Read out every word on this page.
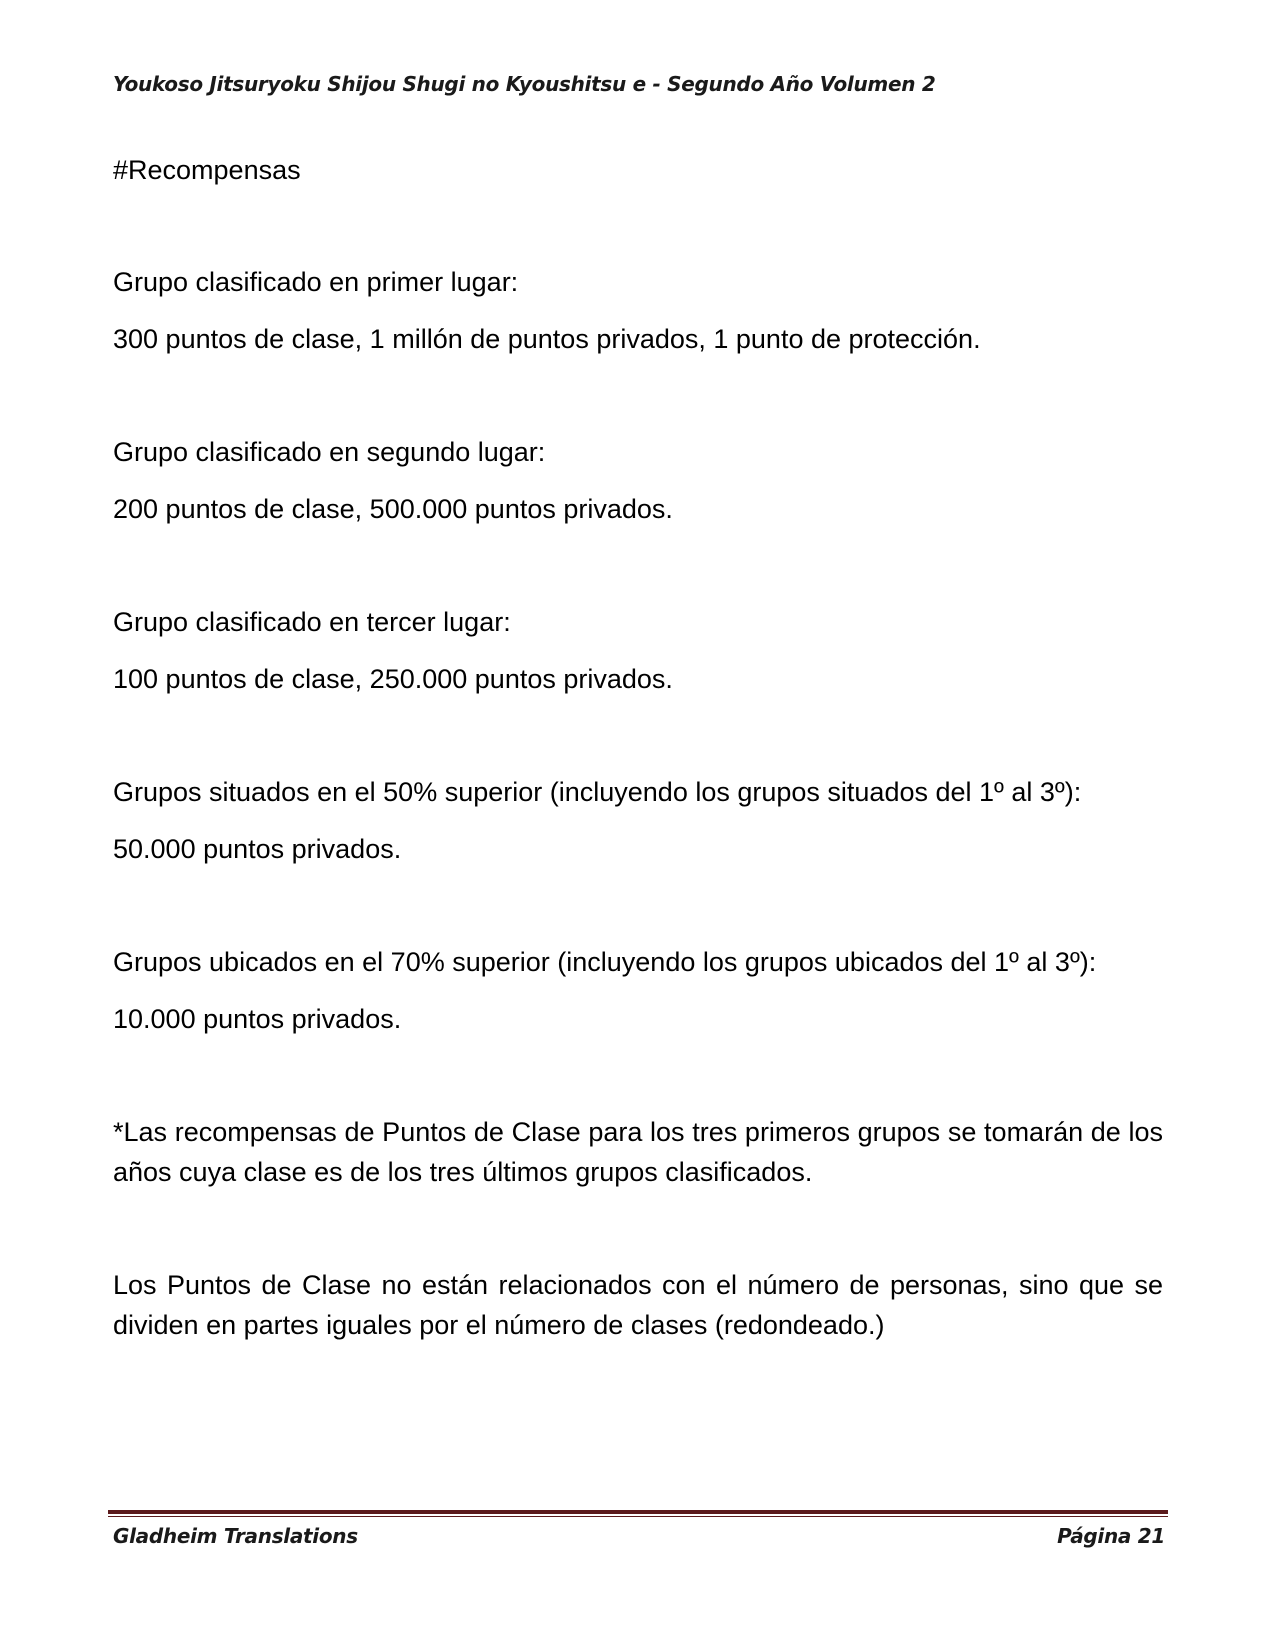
Youkoso Jitsuryoku Shijou Shugi no Kyoushitsu e - Segundo Año Volumen 2

#Recompensas

Grupo clasificado en primer lugar:

300 puntos de clase, 1 millón de puntos privados, 1 punto de protección.

Grupo clasificado en segundo lugar:

200 puntos de clase, 500.000 puntos privados.

Grupo clasificado en tercer lugar:

100 puntos de clase, 250.000 puntos privados.

Grupos situados en el 50% superior (incluyendo los grupos situados del 1º al 3º):

50.000 puntos privados.

Grupos ubicados en el 70% superior (incluyendo los grupos ubicados del 1º al 3º):

10.000 puntos privados.

*Las recompensas de Puntos de Clase para los tres primeros grupos se tomarán de los años cuya clase es de los tres últimos grupos clasificados.

Los Puntos de Clase no están relacionados con el número de personas, sino que se dividen en partes iguales por el número de clases (redondeado.)

Gladheim Translations	Página 21
